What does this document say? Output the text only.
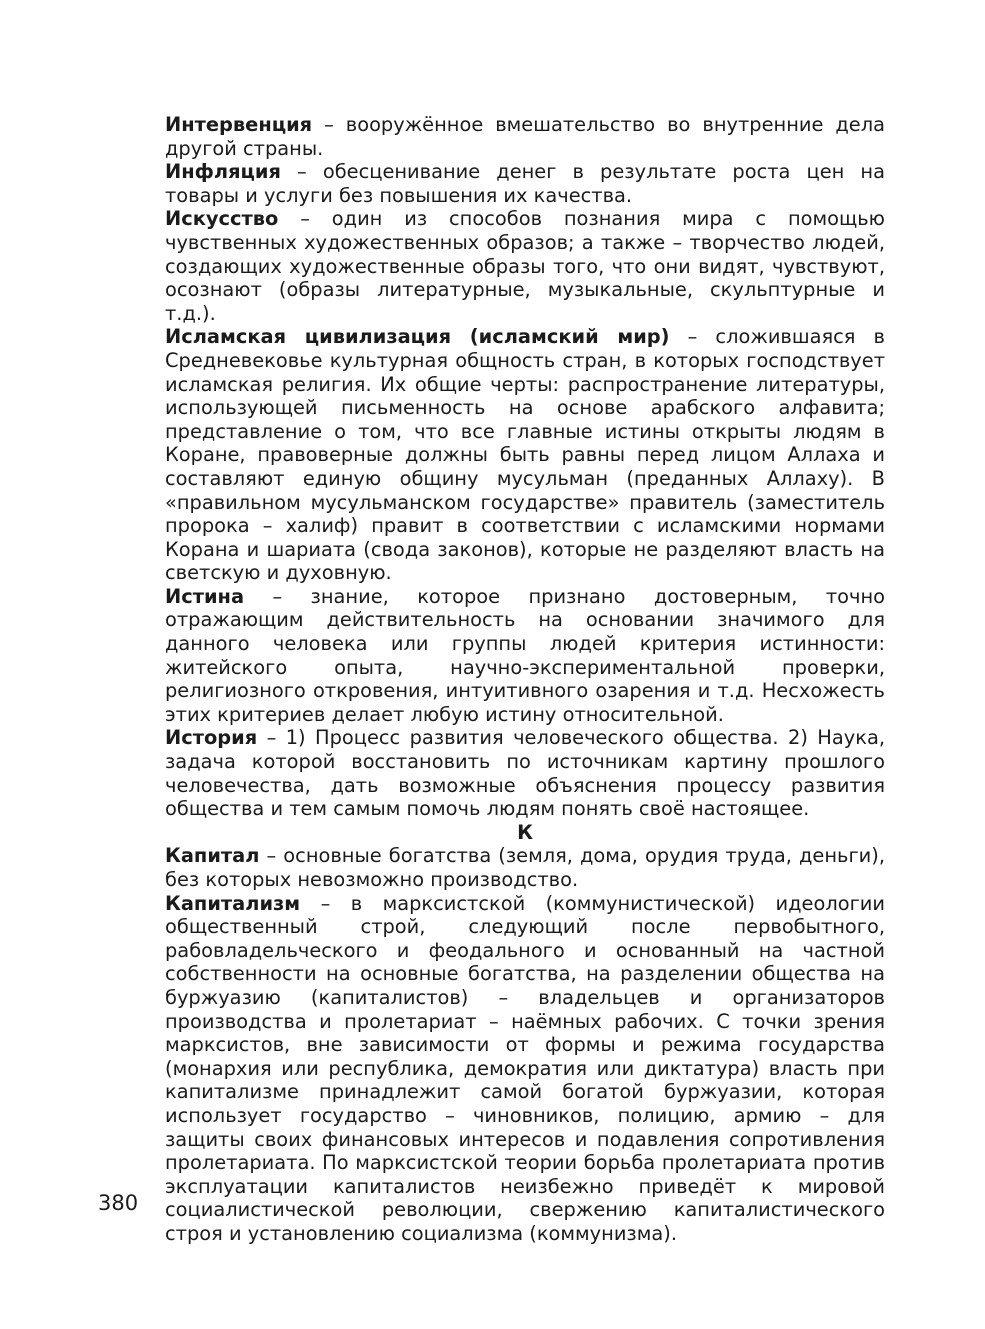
Интервенция – вооружённое вмешательство во внутренние дела другой страны.

Инфляция – обесценивание денег в результате роста цен на товары и услуги без повышения их качества.

Искусство – один из способов познания мира с помощью чувственных художественных образов; а также – творчество людей, создающих художественные образы того, что они видят, чувствуют, осознают (образы литературные, музыкальные, скульптурные и т.д.).

Исламская цивилизация (исламский мир) – сложившаяся в Средневековье культурная общность стран, в которых господствует исламская религия. Их общие черты: распространение литературы, использующей письменность на основе арабского алфавита; представление о том, что все главные истины открыты людям в Коране, правоверные должны быть равны перед лицом Аллаха и составляют единую общину мусульман (преданных Аллаху). В «правильном мусульманском государстве» правитель (заместитель пророка – халиф) правит в соответствии с исламскими нормами Корана и шариата (свода законов), которые не разделяют власть на светскую и духовную.

Истина – знание, которое признано достоверным, точно отражающим действительность на основании значимого для данного человека или группы людей критерия истинности: житейского опыта, научно-экспериментальной проверки, религиозного откровения, интуитивного озарения и т.д. Несхожесть этих критериев делает любую истину относительной.

История – 1) Процесс развития человеческого общества. 2) Наука, задача которой восстановить по источникам картину прошлого человечества, дать возможные объяснения процессу развития общества и тем самым помочь людям понять своё настоящее.

К

Капитал – основные богатства (земля, дома, орудия труда, деньги), без которых невозможно производство.

Капитализм – в марксистской (коммунистической) идеологии общественный строй, следующий после первобытного, рабовладельческого и феодального и основанный на частной собственности на основные богатства, на разделении общества на буржуазию (капиталистов) – владельцев и организаторов производства и пролетариат – наёмных рабочих. С точки зрения марксистов, вне зависимости от формы и режима государства (монархия или республика, демократия или диктатура) власть при капитализме принадлежит самой богатой буржуазии, которая использует государство – чиновников, полицию, армию – для защиты своих финансовых интересов и подавления сопротивления пролетариата. По марксистской теории борьба пролетариата против эксплуатации капиталистов неизбежно приведёт к мировой социалистической революции, свержению капиталистического строя и установлению социализма (коммунизма).

380
